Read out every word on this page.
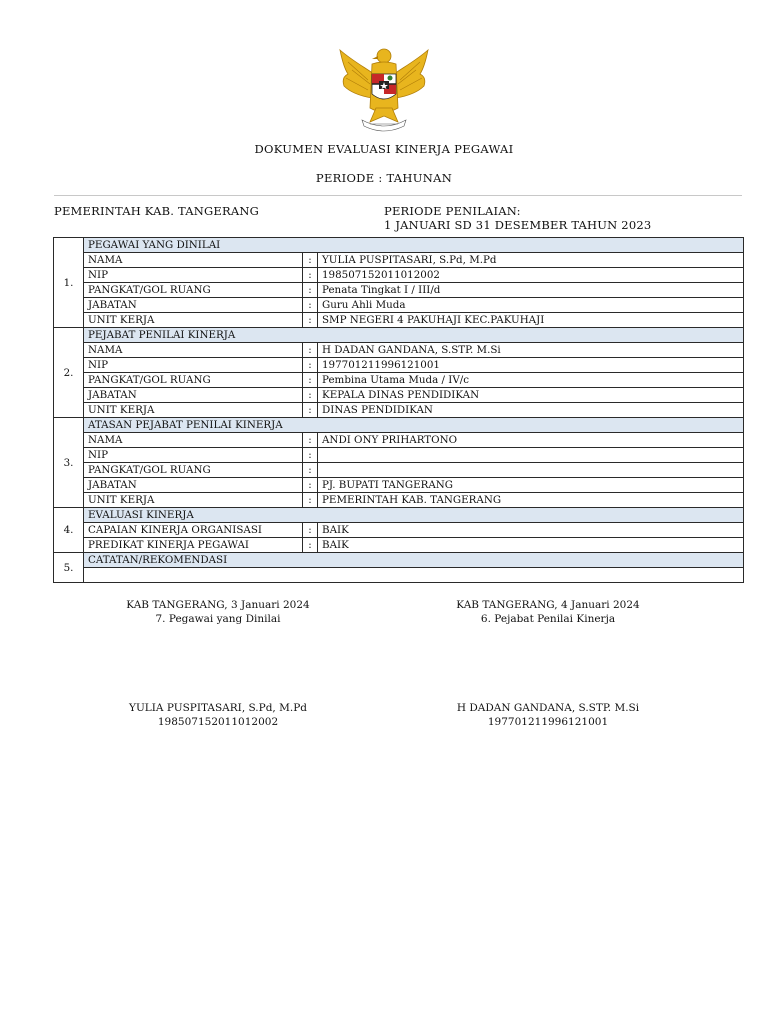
DOKUMEN EVALUASI KINERJA PEGAWAI
PERIODE : TAHUNAN
PEMERINTAH KAB. TANGERANG	PERIODE PENILAIAN:
1 JANUARI SD 31 DESEMBER TAHUN 2023
1.	PEGAWAI YANG DINILAI		
	NAMA	:	YULIA PUSPITASARI, S.Pd, M.Pd
	NIP	:	198507152011012002
	PANGKAT/GOL RUANG	:	Penata Tingkat I / III/d
	JABATAN	:	Guru Ahli Muda
	UNIT KERJA	:	SMP NEGERI 4 PAKUHAJI KEC.PAKUHAJI
2.	PEJABAT PENILAI KINERJA		
	NAMA	:	H DADAN GANDANA, S.STP. M.Si
	NIP	:	197701211996121001
	PANGKAT/GOL RUANG	:	Pembina Utama Muda / IV/c
	JABATAN	:	KEPALA DINAS PENDIDIKAN
	UNIT KERJA	:	DINAS PENDIDIKAN
3.	ATASAN PEJABAT PENILAI KINERJA		
	NAMA	:	ANDI ONY PRIHARTONO
	NIP	:	
	PANGKAT/GOL RUANG	:	
	JABATAN	:	PJ. BUPATI TANGERANG
	UNIT KERJA	:	PEMERINTAH KAB. TANGERANG
4.	EVALUASI KINERJA		
	CAPAIAN KINERJA ORGANISASI	:	BAIK
	PREDIKAT KINERJA PEGAWAI	:	BAIK
5.	CATATAN/REKOMENDASI		

KAB TANGERANG, 3 Januari 2024
7. Pegawai yang Dinilai
YULIA PUSPITASARI, S.Pd, M.Pd
198507152011012002
KAB TANGERANG, 4 Januari 2024
6. Pejabat Penilai Kinerja
H DADAN GANDANA, S.STP. M.Si
197701211996121001
